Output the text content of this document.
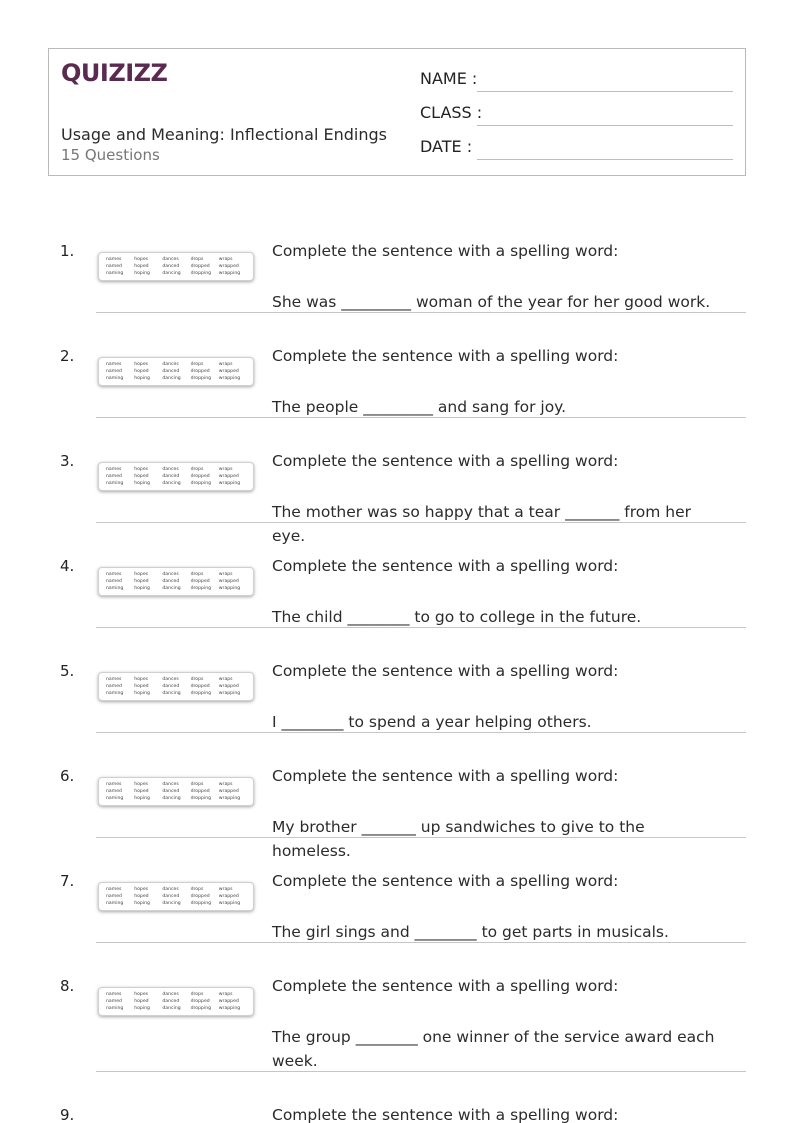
QUIZIZZ
Usage and Meaning: Inflectional Endings
15 Questions
NAME :
CLASS :
DATE :
1.	names	hopes	dances	drops	wraps
named	hoped	danced	dropped	wrapped
naming	hoping	dancing	dropping	wrapping
Complete the sentence with a spelling word:
She was _________ woman of the year for her good work.
2.	names	hopes	dances	drops	wraps
named	hoped	danced	dropped	wrapped
naming	hoping	dancing	dropping	wrapping
Complete the sentence with a spelling word:
The people _________ and sang for joy.
3.	names	hopes	dances	drops	wraps
named	hoped	danced	dropped	wrapped
naming	hoping	dancing	dropping	wrapping
Complete the sentence with a spelling word:
The mother was so happy that a tear _______ from her eye.
4.	names	hopes	dances	drops	wraps
named	hoped	danced	dropped	wrapped
naming	hoping	dancing	dropping	wrapping
Complete the sentence with a spelling word:
The child ________ to go to college in the future.
5.	names	hopes	dances	drops	wraps
named	hoped	danced	dropped	wrapped
naming	hoping	dancing	dropping	wrapping
Complete the sentence with a spelling word:
I ________ to spend a year helping others.
6.	names	hopes	dances	drops	wraps
named	hoped	danced	dropped	wrapped
naming	hoping	dancing	dropping	wrapping
Complete the sentence with a spelling word:
My brother _______ up sandwiches to give to the homeless.
7.	names	hopes	dances	drops	wraps
named	hoped	danced	dropped	wrapped
naming	hoping	dancing	dropping	wrapping
Complete the sentence with a spelling word:
The girl sings and ________ to get parts in musicals.
8.	names	hopes	dances	drops	wraps
named	hoped	danced	dropped	wrapped
naming	hoping	dancing	dropping	wrapping
Complete the sentence with a spelling word:
The group ________ one winner of the service award each week.
9.	Complete the sentence with a spelling word:
